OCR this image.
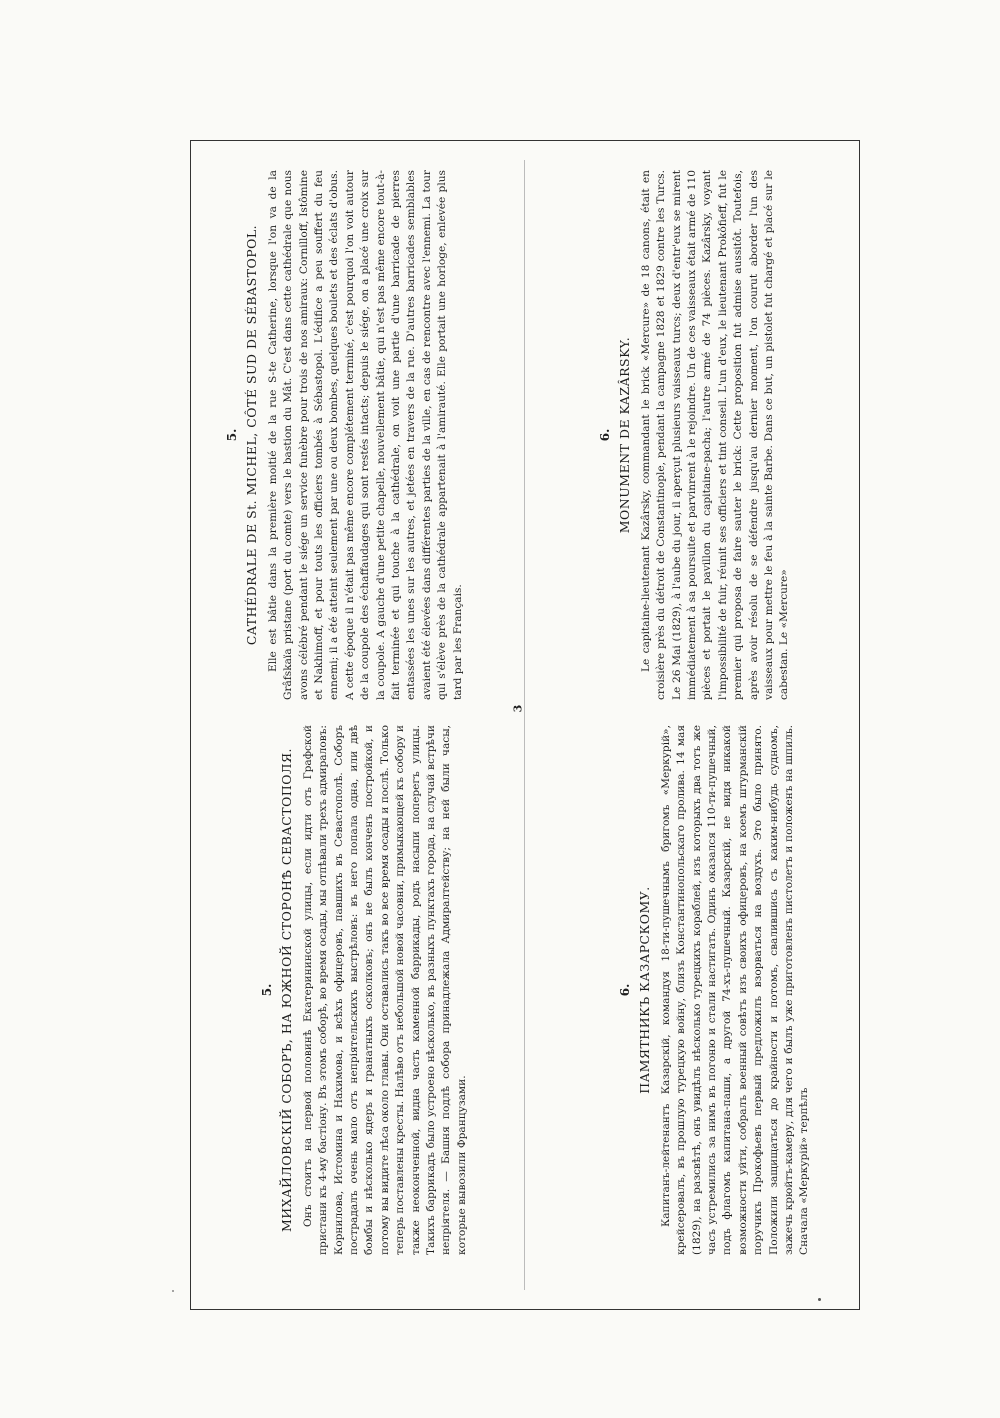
3
5. МИХАЙЛОВСКІЙ СОБОРЪ, НА ЮЖНОЙ СТОРОНѢ СЕВАСТОПОЛЯ. Онъ стоитъ на первой половинѣ Екатерининской улицы, если идти отъ Графской пристани къ 4-му бастіону. Въ этомъ соборѣ, во время осады, мы отпѣвали трехъ адмираловъ: Корнилова, Истомина и Нахимова, и всѣхъ офицеровъ, павшихъ въ Севастополѣ. Соборъ пострадалъ очень мало отъ непріятельскихъ выстрѣловъ: въ него попала одна, или двѣ бомбы и нѣсколько ядеръ и гранатныхъ осколковъ; онъ не былъ конченъ постройкой, и потому вы видите лѣса около главы. Они оставались такъ во все время осады и послѣ. Только теперь поставлены кресты. Налѣво отъ небольшой новой часовни, примыкающей къ собору и также неоконченной, видна часть каменной баррикады, родъ насыпи поперегъ улицы. Такихъ баррикадъ было устроено нѣсколько, въ разныхъ пунктахъ города, на случай встрѣчи непріятеля. — Башня подлѣ собора принадлежала Адмиралтейству; на ней были часы, которые вывозили Французами.

6. ПАМЯТНИКЪ КАЗАРСКОМУ. Капитанъ-лейтенантъ Казарскій, командуя 18-ти-пушечнымъ бригомъ «Меркурій», крейсеровалъ, въ прошлую турецкую войну, близъ Константинопольскаго пролива. 14 мая (1829), на разсвѣтѣ, онъ увидѣлъ нѣсколько турецкихъ кораблей, изъ которыхъ два тотъ же часъ устремились за нимъ въ погоню и стали настигать. Одинъ оказался 110-ти-пушечный, подъ флагомъ капитана-паши, а другой 74-хъ-пушечный. Казарскій, не видя никакой возможности уйти, собралъ военный совѣтъ изъ своихъ офицеровъ, на коемъ штурманскій поручикъ Прокофьевъ первый предложилъ взорваться на воздухъ. Это было принято. Положили защищаться до крайности и потомъ, свалившись съ каким-нибудь судномъ, зажечь крюйтъ-камеру, для чего и былъ уже приготовленъ пистолетъ и положенъ на шпиль. Сначала «Меркурій» терпѣлъ

5. CATHÉDRALE DE St. MICHEL, CÔTÉ SUD DE SÉBASTOPOL. Elle est bâtie dans la première moitié de la rue S-te Catherine, lorsque l'on va de la Grâfskaïa pristane (port du comte) vers le bastion du Mât. C'est dans cette cathédrale que nous avons célébré pendant le siége un service funèbre pour trois de nos amiraux: Cornilloff, Istômine et Nakhimoff, et pour touts les officiers tombés à Sébastopol. L'édifice a peu souffert du feu ennemi; il a été atteint seulement par une ou deux bombes, quelques boulets et des éclats d'obus. A cette époque il n'était pas même encore complétement terminé, c'est pourquoi l'on voit autour de la coupole des échaffaudages qui sont restés intacts; depuis le siége, on a placé une croix sur la coupole. A gauche d'une petite chapelle, nouvellement bâtie, qui n'est pas même encore tout-à-fait terminée et qui touche à la cathédrale, on voit une partie d'une barricade de pierres entassées les unes sur les autres, et jetées en travers de la rue. D'autres barricades semblables avaient été élevées dans différentes parties de la ville, en cas de rencontre avec l'ennemi. La tour qui s'élève près de la cathédrale appartenait à l'amirauté. Elle portait une horloge, enlevée plus tard par les Français.

6. MONUMENT DE KAZÂRSKY. Le capitaine-lieutenant Kazârsky, commandant le brick «Mercure» de 18 canons, était en croisière près du détroit de Constantinople, pendant la campagne 1828 et 1829 contre les Turcs. Le 26 Mai (1829), à l'aube du jour, il aperçut plusieurs vaisseaux turcs; deux d'entr'eux se mirent immédiatement à sa poursuite et parvinrent à le rejoindre. Un de ces vaisseaux était armé de 110 pièces et portait le pavillon du capitaine-pacha; l'autre armé de 74 pièces. Kazârsky, voyant l'impossibilité de fuir, réunit ses officiers et tint conseil. L'un d'eux, le lieutenant Prokôfieff, fut le premier qui proposa de faire sauter le brick: Cette proposition fut admise aussitôt. Toutefois, après avoir résolu de se défendre jusqu'au dernier moment, l'on courut aborder l'un des vaisseaux pour mettre le feu à la sainte Barbe. Dans ce but, un pistolet fut chargé et placé sur le cabestan. Le «Mercure»
